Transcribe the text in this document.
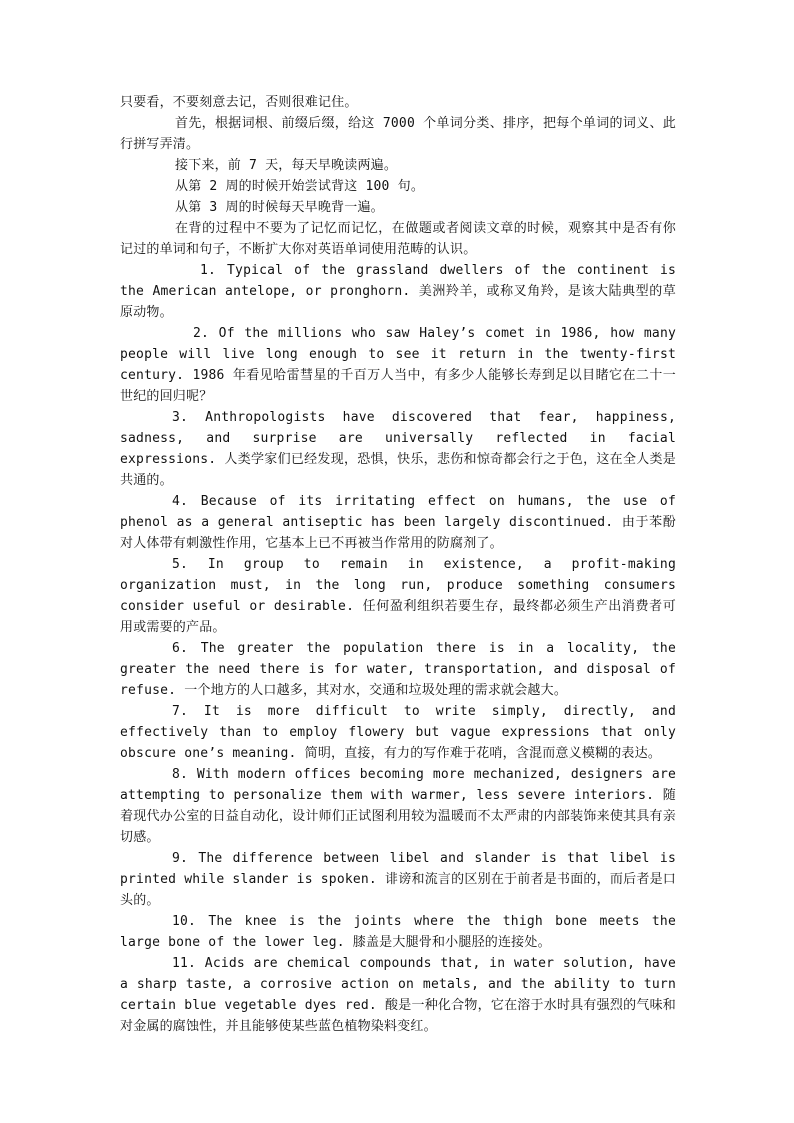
只要看，不要刻意去记，否则很难记住。

首先，根据词根、前缀后缀，给这 7000 个单词分类、排序，把每个单词的词义、此行拼写弄清。

接下来，前 7 天，每天早晚读两遍。

从第 2 周的时候开始尝试背这 100 句。

从第 3 周的时候每天早晚背一遍。

在背的过程中不要为了记忆而记忆，在做题或者阅读文章的时候，观察其中是否有你记过的单词和句子，不断扩大你对英语单词使用范畴的认识。

1. Typical of the grassland dwellers of the continent is the American antelope, or pronghorn. 美洲羚羊，或称叉角羚，是该大陆典型的草原动物。

2. Of the millions who saw Haley’s comet in 1986, how many people will live long enough to see it return in the twenty-first century. 1986 年看见哈雷彗星的千百万人当中，有多少人能够长寿到足以目睹它在二十一世纪的回归呢？

3. Anthropologists have discovered that fear, happiness, sadness, and surprise are universally reflected in facial expressions. 人类学家们已经发现，恐惧，快乐，悲伤和惊奇都会行之于色，这在全人类是共通的。

4. Because of its irritating effect on humans, the use of phenol as a general antiseptic has been largely discontinued. 由于苯酚对人体带有刺激性作用，它基本上已不再被当作常用的防腐剂了。

5. In group to remain in existence, a profit-making organization must, in the long run, produce something consumers consider useful or desirable. 任何盈利组织若要生存，最终都必须生产出消费者可用或需要的产品。

6. The greater the population there is in a locality, the greater the need there is for water, transportation, and disposal of refuse. 一个地方的人口越多，其对水，交通和垃圾处理的需求就会越大。

7. It is more difficult to write simply, directly, and effectively than to employ flowery but vague expressions that only obscure one’s meaning. 简明，直接，有力的写作难于花哨，含混而意义模糊的表达。

8. With modern offices becoming more mechanized, designers are attempting to personalize them with warmer, less severe interiors. 随着现代办公室的日益自动化，设计师们正试图利用较为温暖而不太严肃的内部装饰来使其具有亲切感。

9. The difference between libel and slander is that libel is printed while slander is spoken. 诽谤和流言的区别在于前者是书面的，而后者是口头的。

10. The knee is the joints where the thigh bone meets the large bone of the lower leg. 膝盖是大腿骨和小腿胫的连接处。

11. Acids are chemical compounds that, in water solution, have a sharp taste, a corrosive action on metals, and the ability to turn certain blue vegetable dyes red. 酸是一种化合物，它在溶于水时具有强烈的气味和对金属的腐蚀性，并且能够使某些蓝色植物染料变红。
